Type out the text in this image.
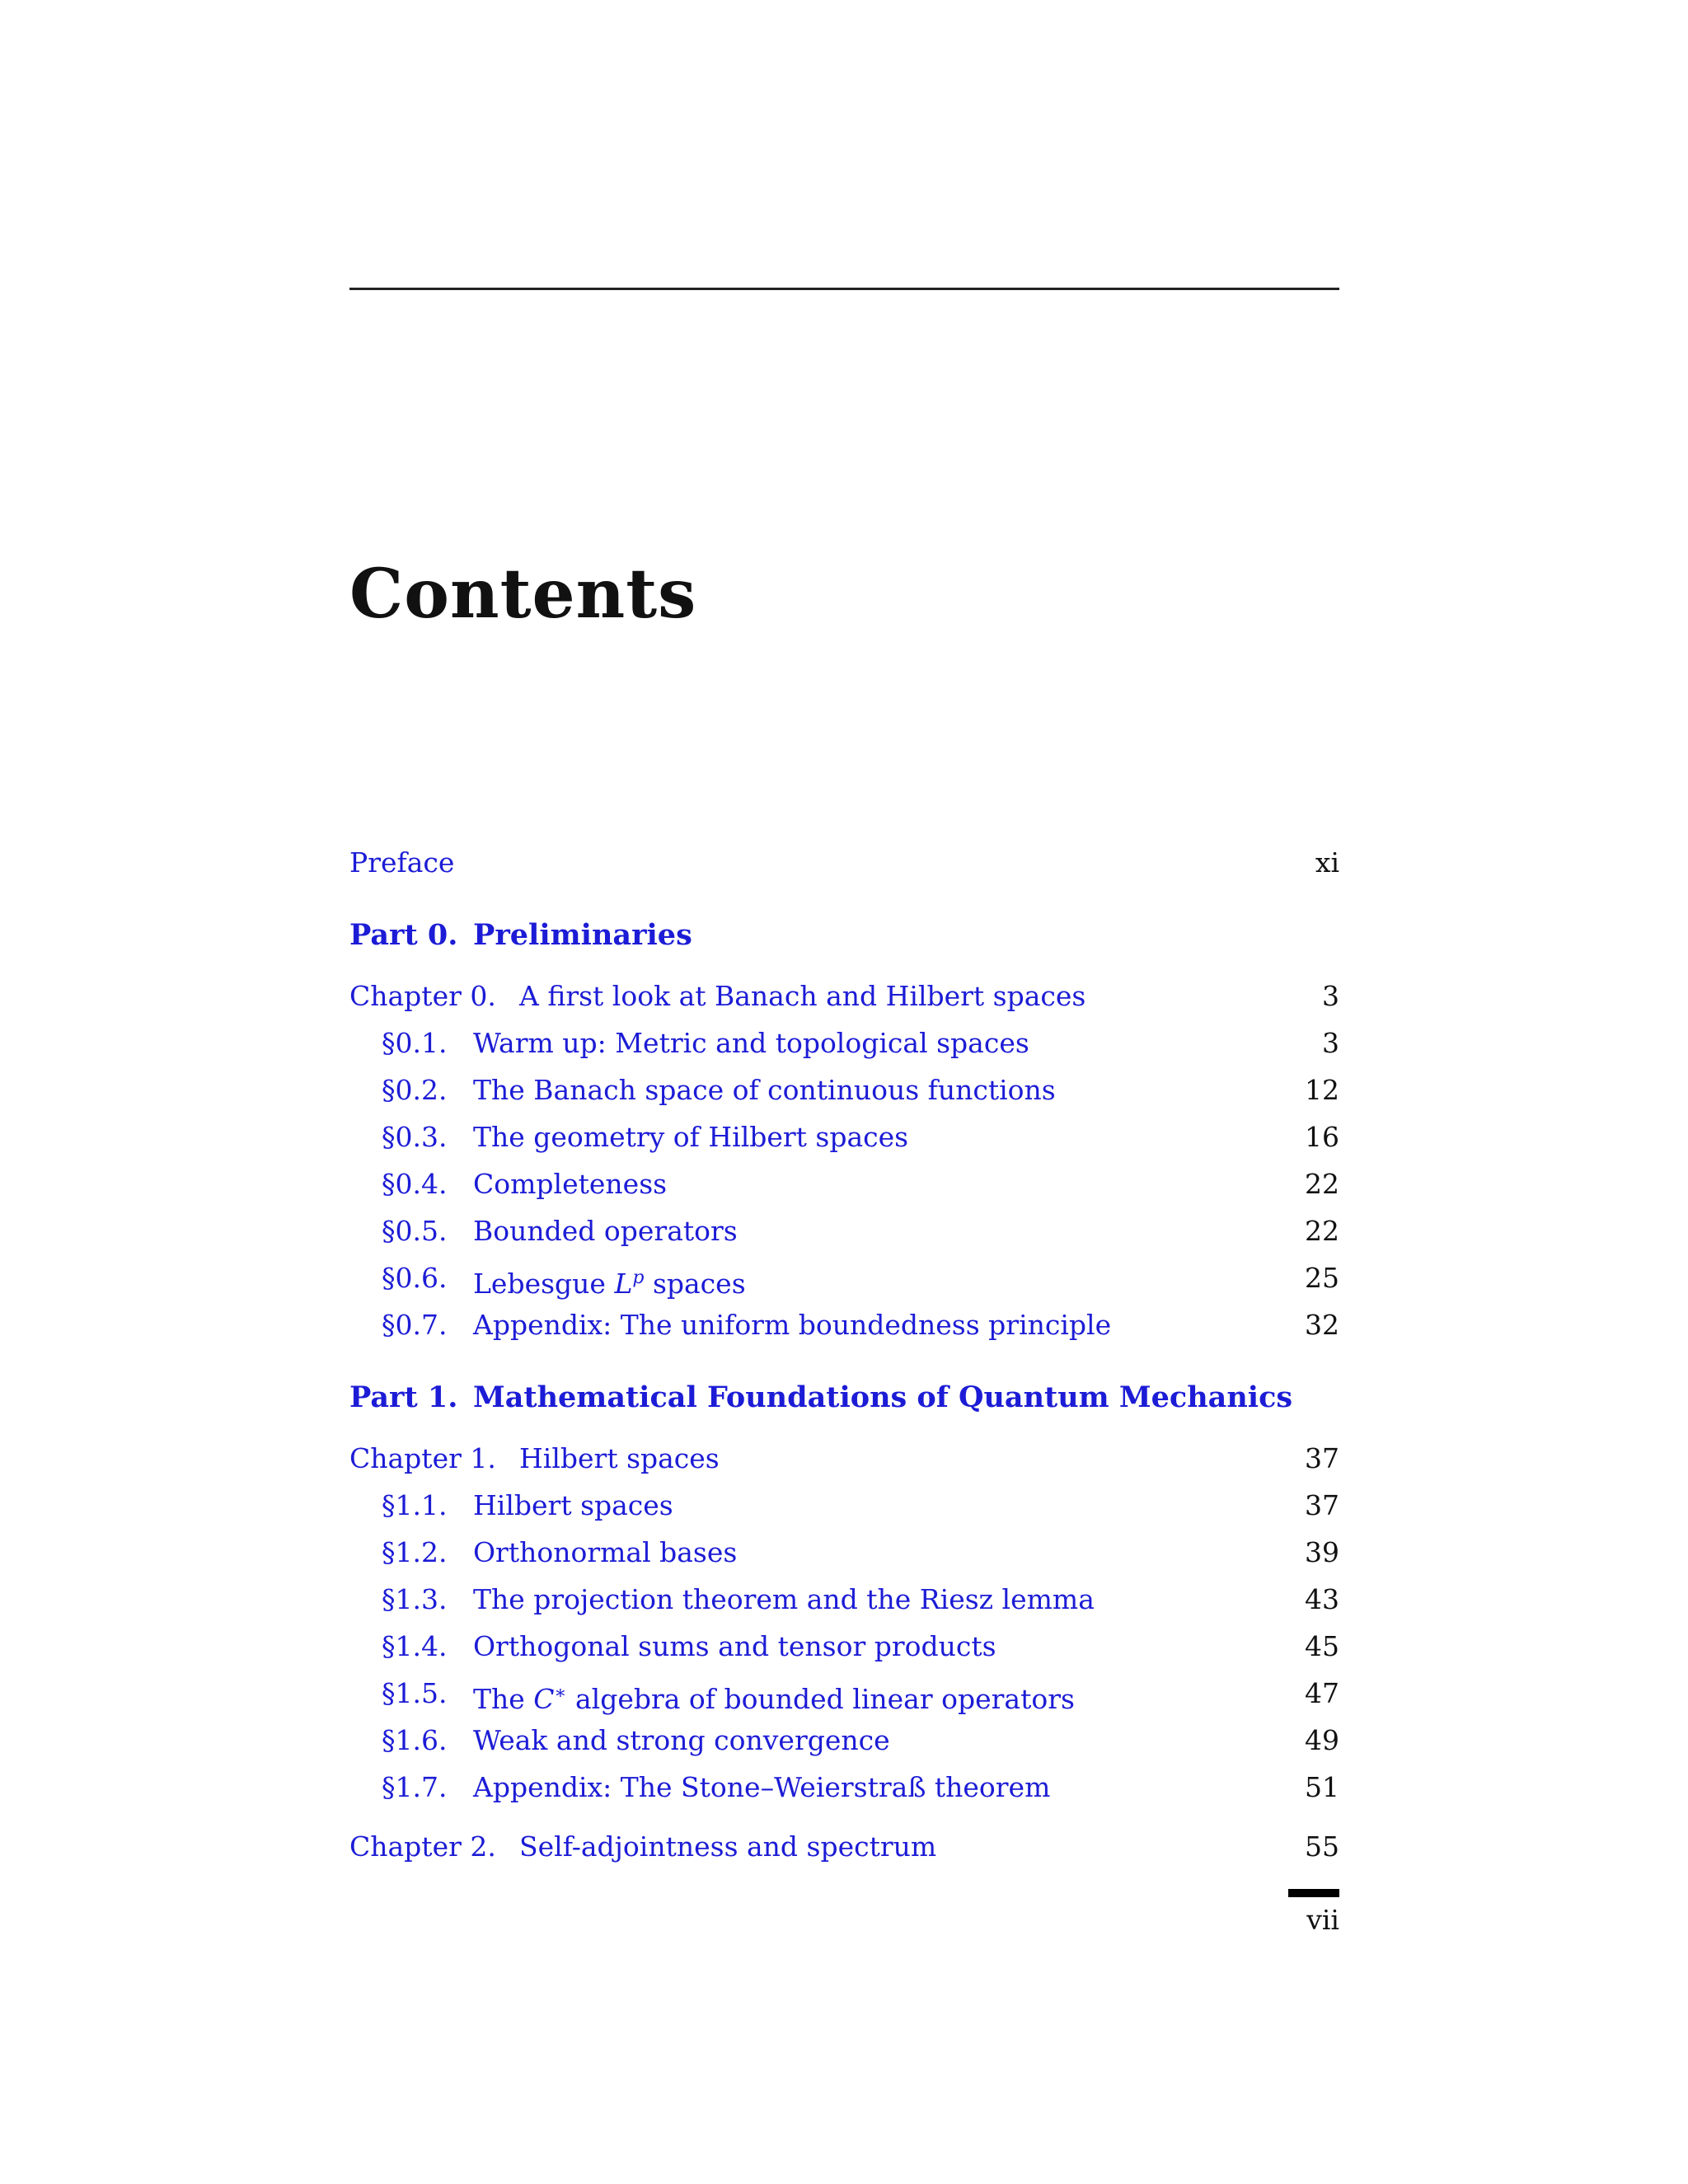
Contents
Preface	xi
Part 0. Preliminaries
Chapter 0. A first look at Banach and Hilbert spaces	3
§0.1. Warm up: Metric and topological spaces	3
§0.2. The Banach space of continuous functions	12
§0.3. The geometry of Hilbert spaces	16
§0.4. Completeness	22
§0.5. Bounded operators	22
§0.6. Lebesgue $L^p$ spaces	25
§0.7. Appendix: The uniform boundedness principle	32
Part 1. Mathematical Foundations of Quantum Mechanics
Chapter 1. Hilbert spaces	37
§1.1. Hilbert spaces	37
§1.2. Orthonormal bases	39
§1.3. The projection theorem and the Riesz lemma	43
§1.4. Orthogonal sums and tensor products	45
§1.5. The C∗ algebra of bounded linear operators	47
§1.6. Weak and strong convergence	49
§1.7. Appendix: The Stone–Weierstraß theorem	51
Chapter 2. Self-adjointness and spectrum	55
vii
